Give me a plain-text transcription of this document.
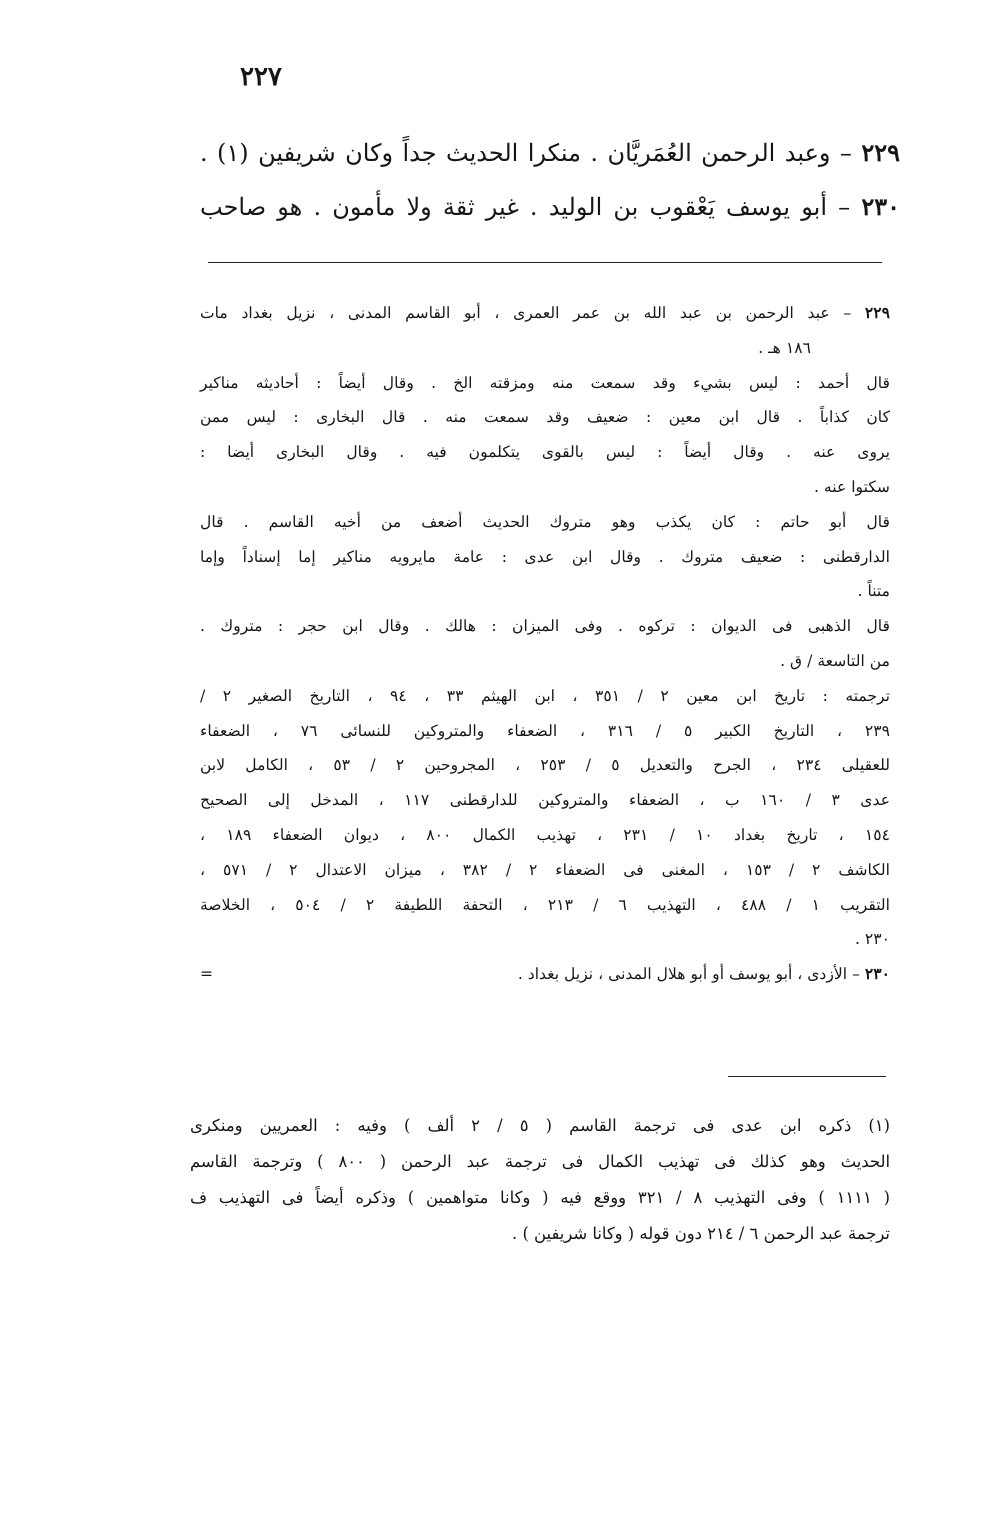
٢٢٧
٢٢٩ – وعبد الرحمن العُمَريَّان . منكرا الحديث جداً وكان شريفين (١) .
٢٣٠ – أبو يوسف يَعْقوب بن الوليد . غير ثقة ولا مأمون . هو صاحب
٢٢٩ – عبد الرحمن بن عبد الله بن عمر العمرى ، أبو القاسم المدنى ، نزيل بغداد مات
١٨٦ هـ .
قال أحمد : ليس بشيء وقد سمعت منه ومزقته الخ . وقال أيضاً : أحاديثه مناكير
كان كذاباً . قال ابن معين : ضعيف وقد سمعت منه . قال البخارى : ليس ممن
يروى عنه . وقال أيضاً : ليس بالقوى يتكلمون فيه . وقال البخارى أيضا :
سكتوا عنه .
قال أبو حاتم : كان يكذب وهو متروك الحديث أضعف من أخيه القاسم . قال
الدارقطنى : ضعيف متروك . وقال ابن عدى : عامة مايرويه مناكير إما إسناداً وإما
متناً .
قال الذهبى فى الديوان : تركوه . وفى الميزان : هالك . وقال ابن حجر : متروك .
من التاسعة / ق .
ترجمته : تاريخ ابن معين ٢ / ٣٥١ ، ابن الهيثم ٣٣ ، ٩٤ ، التاريخ الصغير ٢ /
٢٣٩ ، التاريخ الكبير ٥ / ٣١٦ ، الضعفاء والمتروكين للنسائى ٧٦ ، الضعفاء
للعقيلى ٢٣٤ ، الجرح والتعديل ٥ / ٢٥٣ ، المجروحين ٢ / ٥٣ ، الكامل لابن
عدى ٣ / ١٦٠ ب ، الضعفاء والمتروكين للدارقطنى ١١٧ ، المدخل إلى الصحيح
١٥٤ ، تاريخ بغداد ١٠ / ٢٣١ ، تهذيب الكمال ٨٠٠ ، ديوان الضعفاء ١٨٩ ،
الكاشف ٢ / ١٥٣ ، المغنى فى الضعفاء ٢ / ٣٨٢ ، ميزان الاعتدال ٢ / ٥٧١ ،
التقريب ١ / ٤٨٨ ، التهذيب ٦ / ٢١٣ ، التحفة اللطيفة ٢ / ٥٠٤ ، الخلاصة
٢٣٠ .
٢٣٠ – الأزدى ، أبو يوسف أو أبو هلال المدنى ، نزيل بغداد .
=
(١) ذكره ابن عدى فى ترجمة القاسم ( ٥ / ٢ ألف ) وفيه : العمريين ومنكرى
الحديث وهو كذلك فى تهذيب الكمال فى ترجمة عبد الرحمن ( ٨٠٠ ) وترجمة القاسم
( ١١١١ ) وفى التهذيب ٨ / ٣٢١ ووقع فيه ( وكانا متواهمين ) وذكره أيضاً فى التهذيب ف
ترجمة عبد الرحمن ٦ / ٢١٤ دون قوله ( وكانا شريفين ) .
